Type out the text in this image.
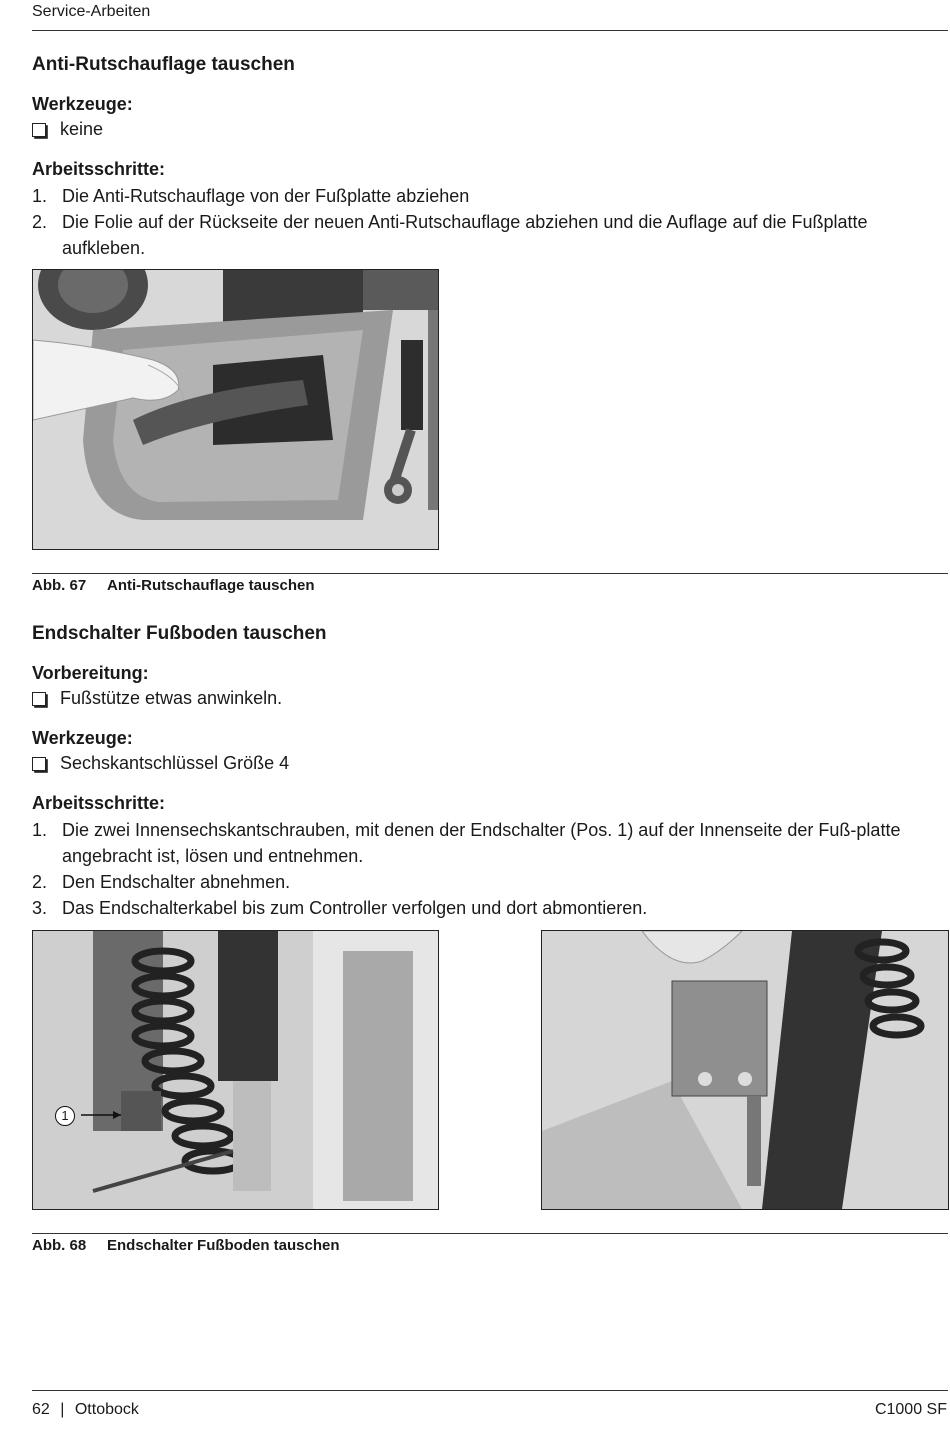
Service-Arbeiten
Anti-Rutschauflage tauschen
Werkzeuge:
keine
Arbeitsschritte:
1. Die Anti-Rutschauflage von der Fußplatte abziehen
2. Die Folie auf der Rückseite der neuen Anti-Rutschauflage abziehen und die Auflage auf die Fußplatte aufkleben.
Abb. 67 Anti-Rutschauflage tauschen
Endschalter Fußboden tauschen
Vorbereitung:
Fußstütze etwas anwinkeln.
Werkzeuge:
Sechskantschlüssel Größe 4
Arbeitsschritte:
1. Die zwei Innensechskantschrauben, mit denen der Endschalter (Pos. 1) auf der Innenseite der Fuß-platte angebracht ist, lösen und entnehmen.
2. Den Endschalter abnehmen.
3. Das Endschalterkabel bis zum Controller verfolgen und dort abmontieren.
1
Abb. 68 Endschalter Fußboden tauschen
62 | Ottobock	C1000 SF
